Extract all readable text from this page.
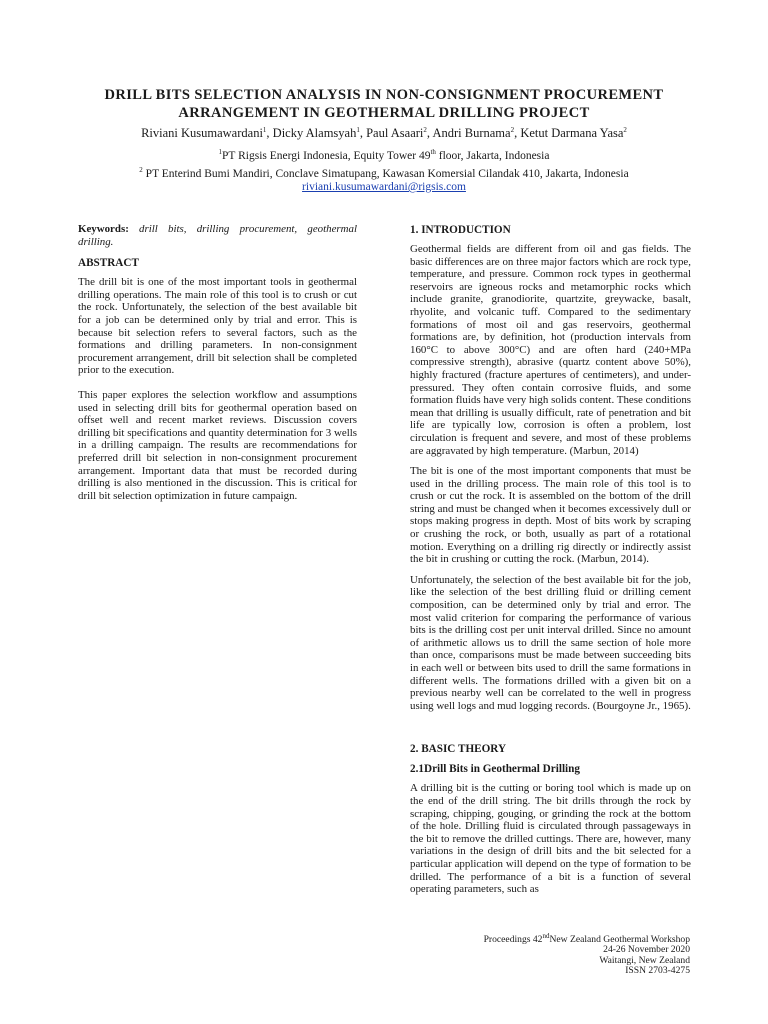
DRILL BITS SELECTION ANALYSIS IN NON-CONSIGNMENT PROCUREMENT
ARRANGEMENT IN GEOTHERMAL DRILLING PROJECT
Riviani Kusumawardani$^1$, Dicky Alamsyah$^1$, Paul Asaari$^2$, Andri Burnama$^2$, Ketut Darmana Yasa$^2$
$^1$PT Rigsis Energi Indonesia, Equity Tower 49th floor, Jakarta, Indonesia
$^2$ PT Enterind Bumi Mandiri, Conclave Simatupang, Kawasan Komersial Cilandak 410, Jakarta, Indonesia
riviani.kusumawardani@rigsis.com

Keywords: drill bits, drilling procurement, geothermal drilling.

ABSTRACT

The drill bit is one of the most important tools in geothermal drilling operations. The main role of this tool is to crush or cut the rock. Unfortunately, the selection of the best available bit for a job can be determined only by trial and error. This is because bit selection refers to several factors, such as the formations and drilling parameters. In non-consignment procurement arrangement, drill bit selection shall be completed prior to the execution.

This paper explores the selection workflow and assumptions used in selecting drill bits for geothermal operation based on offset well and recent market reviews. Discussion covers drilling bit specifications and quantity determination for 3 wells in a drilling campaign. The results are recommendations for preferred drill bit selection in non-consignment procurement arrangement. Important data that must be recorded during drilling is also mentioned in the discussion. This is critical for drill bit selection optimization in future campaign.

1. INTRODUCTION

Geothermal fields are different from oil and gas fields. The basic differences are on three major factors which are rock type, temperature, and pressure. Common rock types in geothermal reservoirs are igneous rocks and metamorphic rocks which include granite, granodiorite, quartzite, greywacke, basalt, rhyolite, and volcanic tuff. Compared to the sedimentary formations of most oil and gas reservoirs, geothermal formations are, by definition, hot (production intervals from 160°C to above 300°C) and are often hard (240+MPa compressive strength), abrasive (quartz content above 50%), highly fractured (fracture apertures of centimeters), and under-pressured. They often contain corrosive fluids, and some formation fluids have very high solids content. These conditions mean that drilling is usually difficult, rate of penetration and bit life are typically low, corrosion is often a problem, lost circulation is frequent and severe, and most of these problems are aggravated by high temperature. (Marbun, 2014)

The bit is one of the most important components that must be used in the drilling process. The main role of this tool is to crush or cut the rock. It is assembled on the bottom of the drill string and must be changed when it becomes excessively dull or stops making progress in depth. Most of bits work by scraping or crushing the rock, or both, usually as part of a rotational motion. Everything on a drilling rig directly or indirectly assist the bit in crushing or cutting the rock. (Marbun, 2014).

Unfortunately, the selection of the best available bit for the job, like the selection of the best drilling fluid or drilling cement composition, can be determined only by trial and error. The most valid criterion for comparing the performance of various bits is the drilling cost per unit interval drilled. Since no amount of arithmetic allows us to drill the same section of hole more than once, comparisons must be made between succeeding bits in each well or between bits used to drill the same formations in different wells. The formations drilled with a given bit on a previous nearby well can be correlated to the well in progress using well logs and mud logging records. (Bourgoyne Jr., 1965).

2. BASIC THEORY
2.1Drill Bits in Geothermal Drilling

A drilling bit is the cutting or boring tool which is made up on the end of the drill string. The bit drills through the rock by scraping, chipping, gouging, or grinding the rock at the bottom of the hole. Drilling fluid is circulated through passageways in the bit to remove the drilled cuttings. There are, however, many variations in the design of drill bits and the bit selected for a particular application will depend on the type of formation to be drilled. The performance of a bit is a function of several operating parameters, such as

Proceedings 42ndNew Zealand Geothermal Workshop
24-26 November 2020
Waitangi, New Zealand
ISSN 2703-4275
